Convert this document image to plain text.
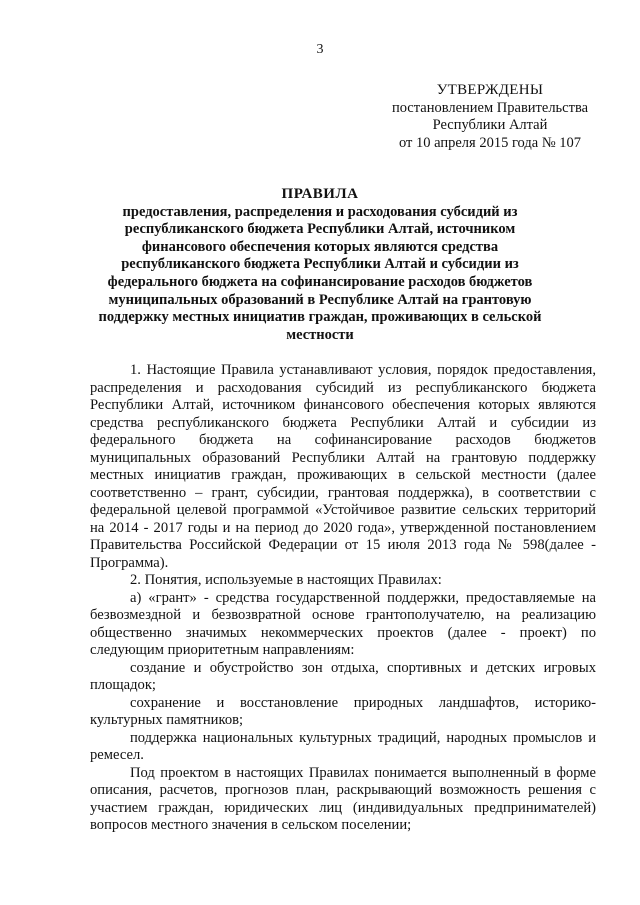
3
УТВЕРЖДЕНЫ
постановлением Правительства
Республики Алтай
от 10 апреля 2015 года № 107
ПРАВИЛА
предоставления, распределения и расходования субсидий из республиканского бюджета Республики Алтай, источником финансового обеспечения которых являются средства республиканского бюджета Республики Алтай и субсидии из федерального бюджета на софинансирование расходов бюджетов муниципальных образований в Республике Алтай на грантовую поддержку местных инициатив граждан, проживающих в сельской местности

1. Настоящие Правила устанавливают условия, порядок предоставления, распределения и расходования субсидий из республиканского бюджета Республики Алтай, источником финансового обеспечения которых являются средства республиканского бюджета Республики Алтай и субсидии из федерального бюджета на софинансирование расходов бюджетов муниципальных образований Республики Алтай на грантовую поддержку местных инициатив граждан, проживающих в сельской местности (далее соответственно – грант, субсидии, грантовая поддержка), в соответствии с федеральной целевой программой «Устойчивое развитие сельских территорий на 2014 - 2017 годы и на период до 2020 года», утвержденной постановлением Правительства Российской Федерации от 15 июля 2013 года № 598(далее - Программа).

2. Понятия, используемые в настоящих Правилах:

а) «грант» - средства государственной поддержки, предоставляемые на безвозмездной и безвозвратной основе грантополучателю, на реализацию общественно значимых некоммерческих проектов (далее - проект) по следующим приоритетным направлениям:

создание и обустройство зон отдыха, спортивных и детских игровых площадок;

сохранение и восстановление природных ландшафтов, историко-культурных памятников;

поддержка национальных культурных традиций, народных промыслов и ремесел.

Под проектом в настоящих Правилах понимается выполненный в форме описания, расчетов, прогнозов план, раскрывающий возможность решения с участием граждан, юридических лиц (индивидуальных предпринимателей) вопросов местного значения в сельском поселении;
